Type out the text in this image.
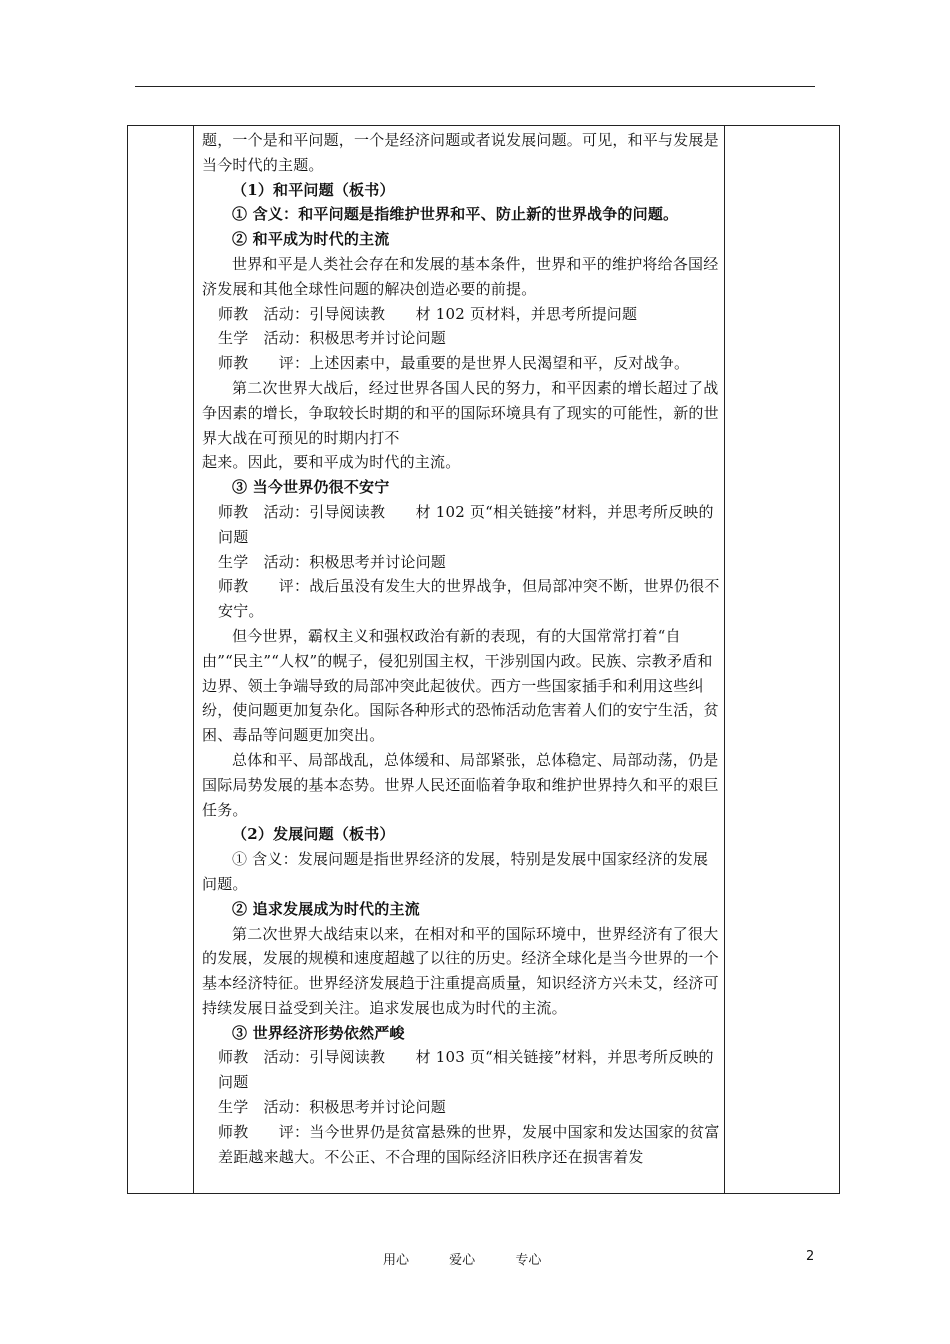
题，一个是和平问题，一个是经济问题或者说发展问题。可见，和平与发展是当今时代的主题。

（1）和平问题（板书）

① 含义：和平问题是指维护世界和平、防止新的世界战争的问题。

② 和平成为时代的主流

世界和平是人类社会存在和发展的基本条件，世界和平的维护将给各国经济发展和其他全球性问题的解决创造必要的前提。

师教　活动：引导阅读教　　材 102 页材料，并思考所提问题

生学　活动：积极思考并讨论问题

师教　　评：上述因素中，最重要的是世界人民渴望和平，反对战争。

第二次世界大战后，经过世界各国人民的努力，和平因素的增长超过了战争因素的增长，争取较长时期的和平的国际环境具有了现实的可能性，新的世界大战在可预见的时期内打不

起来。因此，要和平成为时代的主流。

③ 当今世界仍很不安宁

师教　活动：引导阅读教　　材 102 页“相关链接”材料，并思考所反映的问题

生学　活动：积极思考并讨论问题

师教　　评：战后虽没有发生大的世界战争，但局部冲突不断，世界仍很不安宁。

但今世界，霸权主义和强权政治有新的表现，有的大国常常打着“自由”“民主”“人权”的幌子，侵犯别国主权，干涉别国内政。民族、宗教矛盾和边界、领土争端导致的局部冲突此起彼伏。西方一些国家插手和利用这些纠纷，使问题更加复杂化。国际各种形式的恐怖活动危害着人们的安宁生活，贫困、毒品等问题更加突出。

总体和平、局部战乱，总体缓和、局部紧张，总体稳定、局部动荡，仍是国际局势发展的基本态势。世界人民还面临着争取和维护世界持久和平的艰巨任务。

（2）发展问题（板书）

① 含义：发展问题是指世界经济的发展，特别是发展中国家经济的发展问题。

② 追求发展成为时代的主流

第二次世界大战结束以来，在相对和平的国际环境中，世界经济有了很大的发展，发展的规模和速度超越了以往的历史。经济全球化是当今世界的一个基本经济特征。世界经济发展趋于注重提高质量，知识经济方兴未艾，经济可持续发展日益受到关注。追求发展也成为时代的主流。

③ 世界经济形势依然严峻

师教　活动：引导阅读教　　材 103 页“相关链接”材料，并思考所反映的问题

生学　活动：积极思考并讨论问题

师教　　评：当今世界仍是贫富悬殊的世界，发展中国家和发达国家的贫富差距越来越大。不公正、不合理的国际经济旧秩序还在损害着发

用心	爱心	专心	2
